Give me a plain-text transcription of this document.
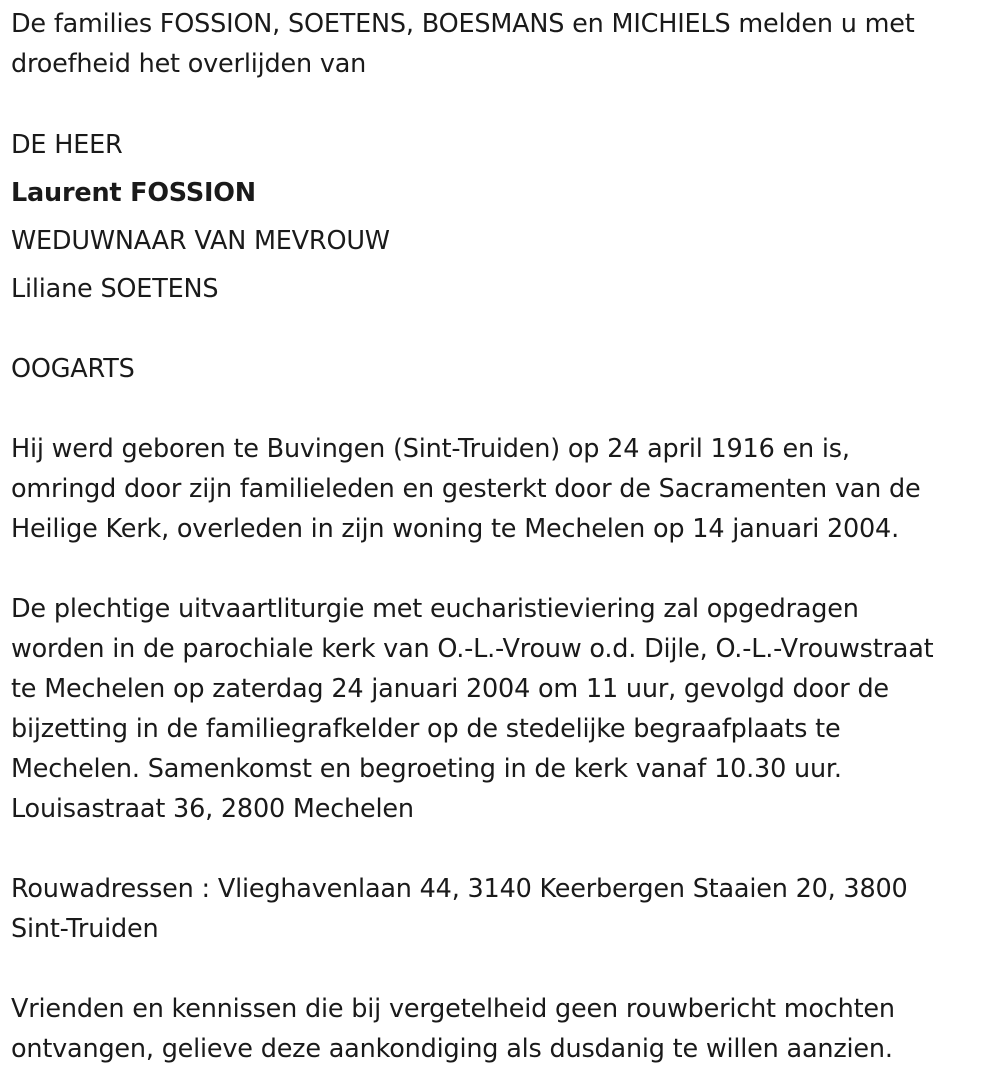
De families FOSSION, SOETENS, BOESMANS en MICHIELS melden u met
droefheid het overlijden van
DE HEER
Laurent FOSSION
WEDUWNAAR VAN MEVROUW
Liliane SOETENS
OOGARTS
Hij werd geboren te Buvingen (Sint-Truiden) op 24 april 1916 en is,
omringd door zijn familieleden en gesterkt door de Sacramenten van de
Heilige Kerk, overleden in zijn woning te Mechelen op 14 januari 2004.
De plechtige uitvaartliturgie met eucharistieviering zal opgedragen
worden in de parochiale kerk van O.-L.-Vrouw o.d. Dijle, O.-L.-Vrouwstraat
te Mechelen op zaterdag 24 januari 2004 om 11 uur, gevolgd door de
bijzetting in de familiegrafkelder op de stedelijke begraafplaats te
Mechelen. Samenkomst en begroeting in de kerk vanaf 10.30 uur.
Louisastraat 36, 2800 Mechelen
Rouwadressen : Vlieghavenlaan 44, 3140 Keerbergen Staaien 20, 3800
Sint-Truiden
Vrienden en kennissen die bij vergetelheid geen rouwbericht mochten
ontvangen, gelieve deze aankondiging als dusdanig te willen aanzien.
